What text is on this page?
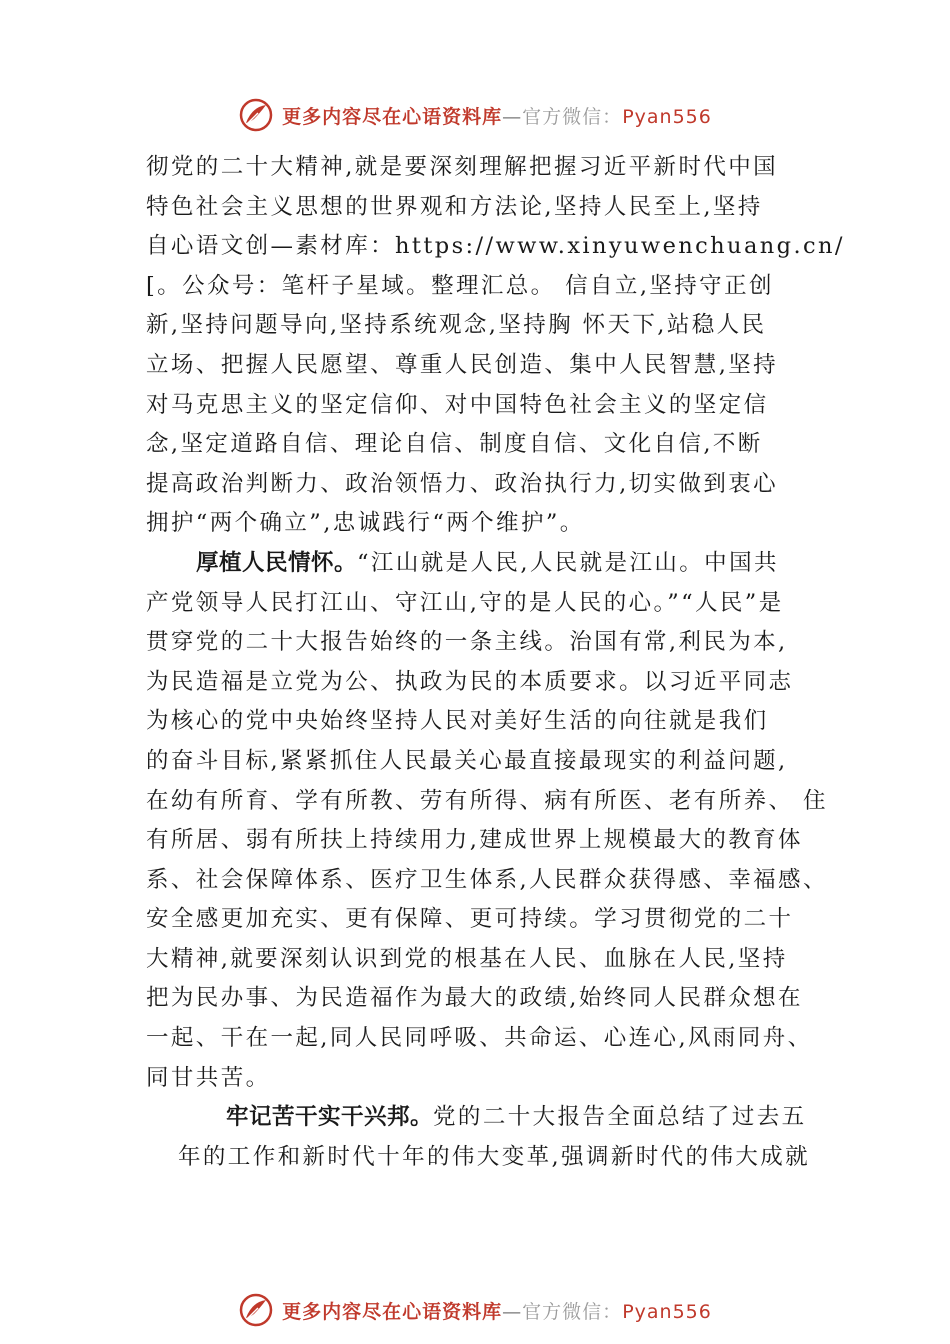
更多内容尽在心语资料库—官方微信：Pyan556
彻党的二十大精神,就是要深刻理解把握习近平新时代中国
特色社会主义思想的世界观和方法论,坚持人民至上,坚持
自心语文创—素材库：https://www.xinyuwenchuang.cn/
[。公众号：笔杆子星域。整理汇总。 信自立,坚持守正创
新,坚持问题导向,坚持系统观念,坚持胸 怀天下,站稳人民
立场、把握人民愿望、尊重人民创造、集中人民智慧,坚持
对马克思主义的坚定信仰、对中国特色社会主义的坚定信
念,坚定道路自信、理论自信、制度自信、文化自信,不断
提高政治判断力、政治领悟力、政治执行力,切实做到衷心
拥护“两个确立”,忠诚践行“两个维护”。
厚植人民情怀。“江山就是人民,人民就是江山。中国共
产党领导人民打江山、守江山,守的是人民的心。”“人民”是
贯穿党的二十大报告始终的一条主线。治国有常,利民为本,
为民造福是立党为公、执政为民的本质要求。以习近平同志
为核心的党中央始终坚持人民对美好生活的向往就是我们
的奋斗目标,紧紧抓住人民最关心最直接最现实的利益问题,
在幼有所育、学有所教、劳有所得、病有所医、老有所养、 住
有所居、弱有所扶上持续用力,建成世界上规模最大的教育体
系、社会保障体系、医疗卫生体系,人民群众获得感、幸福感、
安全感更加充实、更有保障、更可持续。学习贯彻党的二十
大精神,就要深刻认识到党的根基在人民、血脉在人民,坚持
把为民办事、为民造福作为最大的政绩,始终同人民群众想在
一起、干在一起,同人民同呼吸、共命运、心连心,风雨同舟、
同甘共苦。
牢记苦干实干兴邦。党的二十大报告全面总结了过去五
年的工作和新时代十年的伟大变革,强调新时代的伟大成就
更多内容尽在心语资料库—官方微信：Pyan556
